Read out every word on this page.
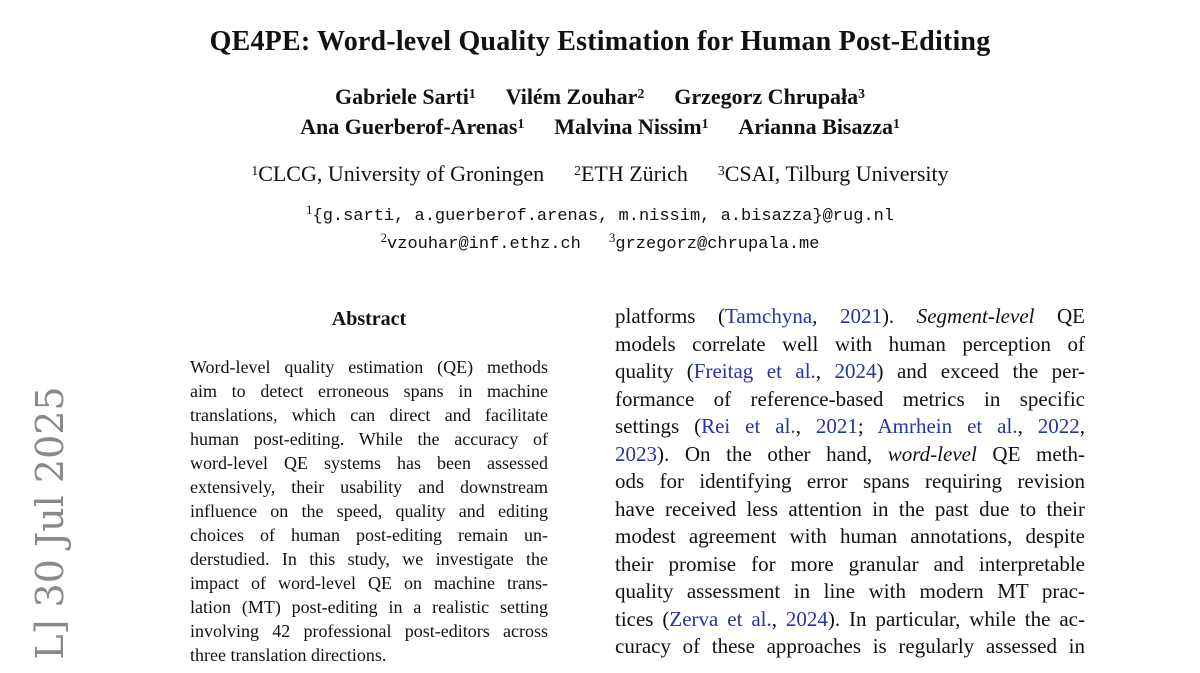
L] 30 Jul 2025
QE4PE: Word-level Quality Estimation for Human Post-Editing
Gabriele Sarti$^1$ Vilém Zouhar$^2$ Grzegorz Chrupała$^3$
Ana Guerberof-Arenas$^1$ Malvina Nissim$^1$ Arianna Bisazza$^1$
$^1$CLCG, University of Groningen $^2$ETH Zürich $^3$CSAI, Tilburg University
$^1${g.sarti, a.guerberof.arenas, m.nissim, a.bisazza}@rug.nl
$^2$vzouhar@inf.ethz.ch $^3$grzegorz@chrupala.me
Abstract
Word-level quality estimation (QE) methods
aim to detect erroneous spans in machine
translations, which can direct and facilitate
human post-editing. While the accuracy of
word-level QE systems has been assessed
extensively, their usability and downstream
influence on the speed, quality and editing
choices of human post-editing remain un-
derstudied. In this study, we investigate the
impact of word-level QE on machine trans-
lation (MT) post-editing in a realistic setting
involving 42 professional post-editors across
three translation directions.
platforms (Tamchyna, 2021). Segment-level QE
models correlate well with human perception of
quality (Freitag et al., 2024) and exceed the per-
formance of reference-based metrics in specific
settings (Rei et al., 2021; Amrhein et al., 2022,
2023). On the other hand, word-level QE meth-
ods for identifying error spans requiring revision
have received less attention in the past due to their
modest agreement with human annotations, despite
their promise for more granular and interpretable
quality assessment in line with modern MT prac-
tices (Zerva et al., 2024). In particular, while the ac-
curacy of these approaches is regularly assessed in
